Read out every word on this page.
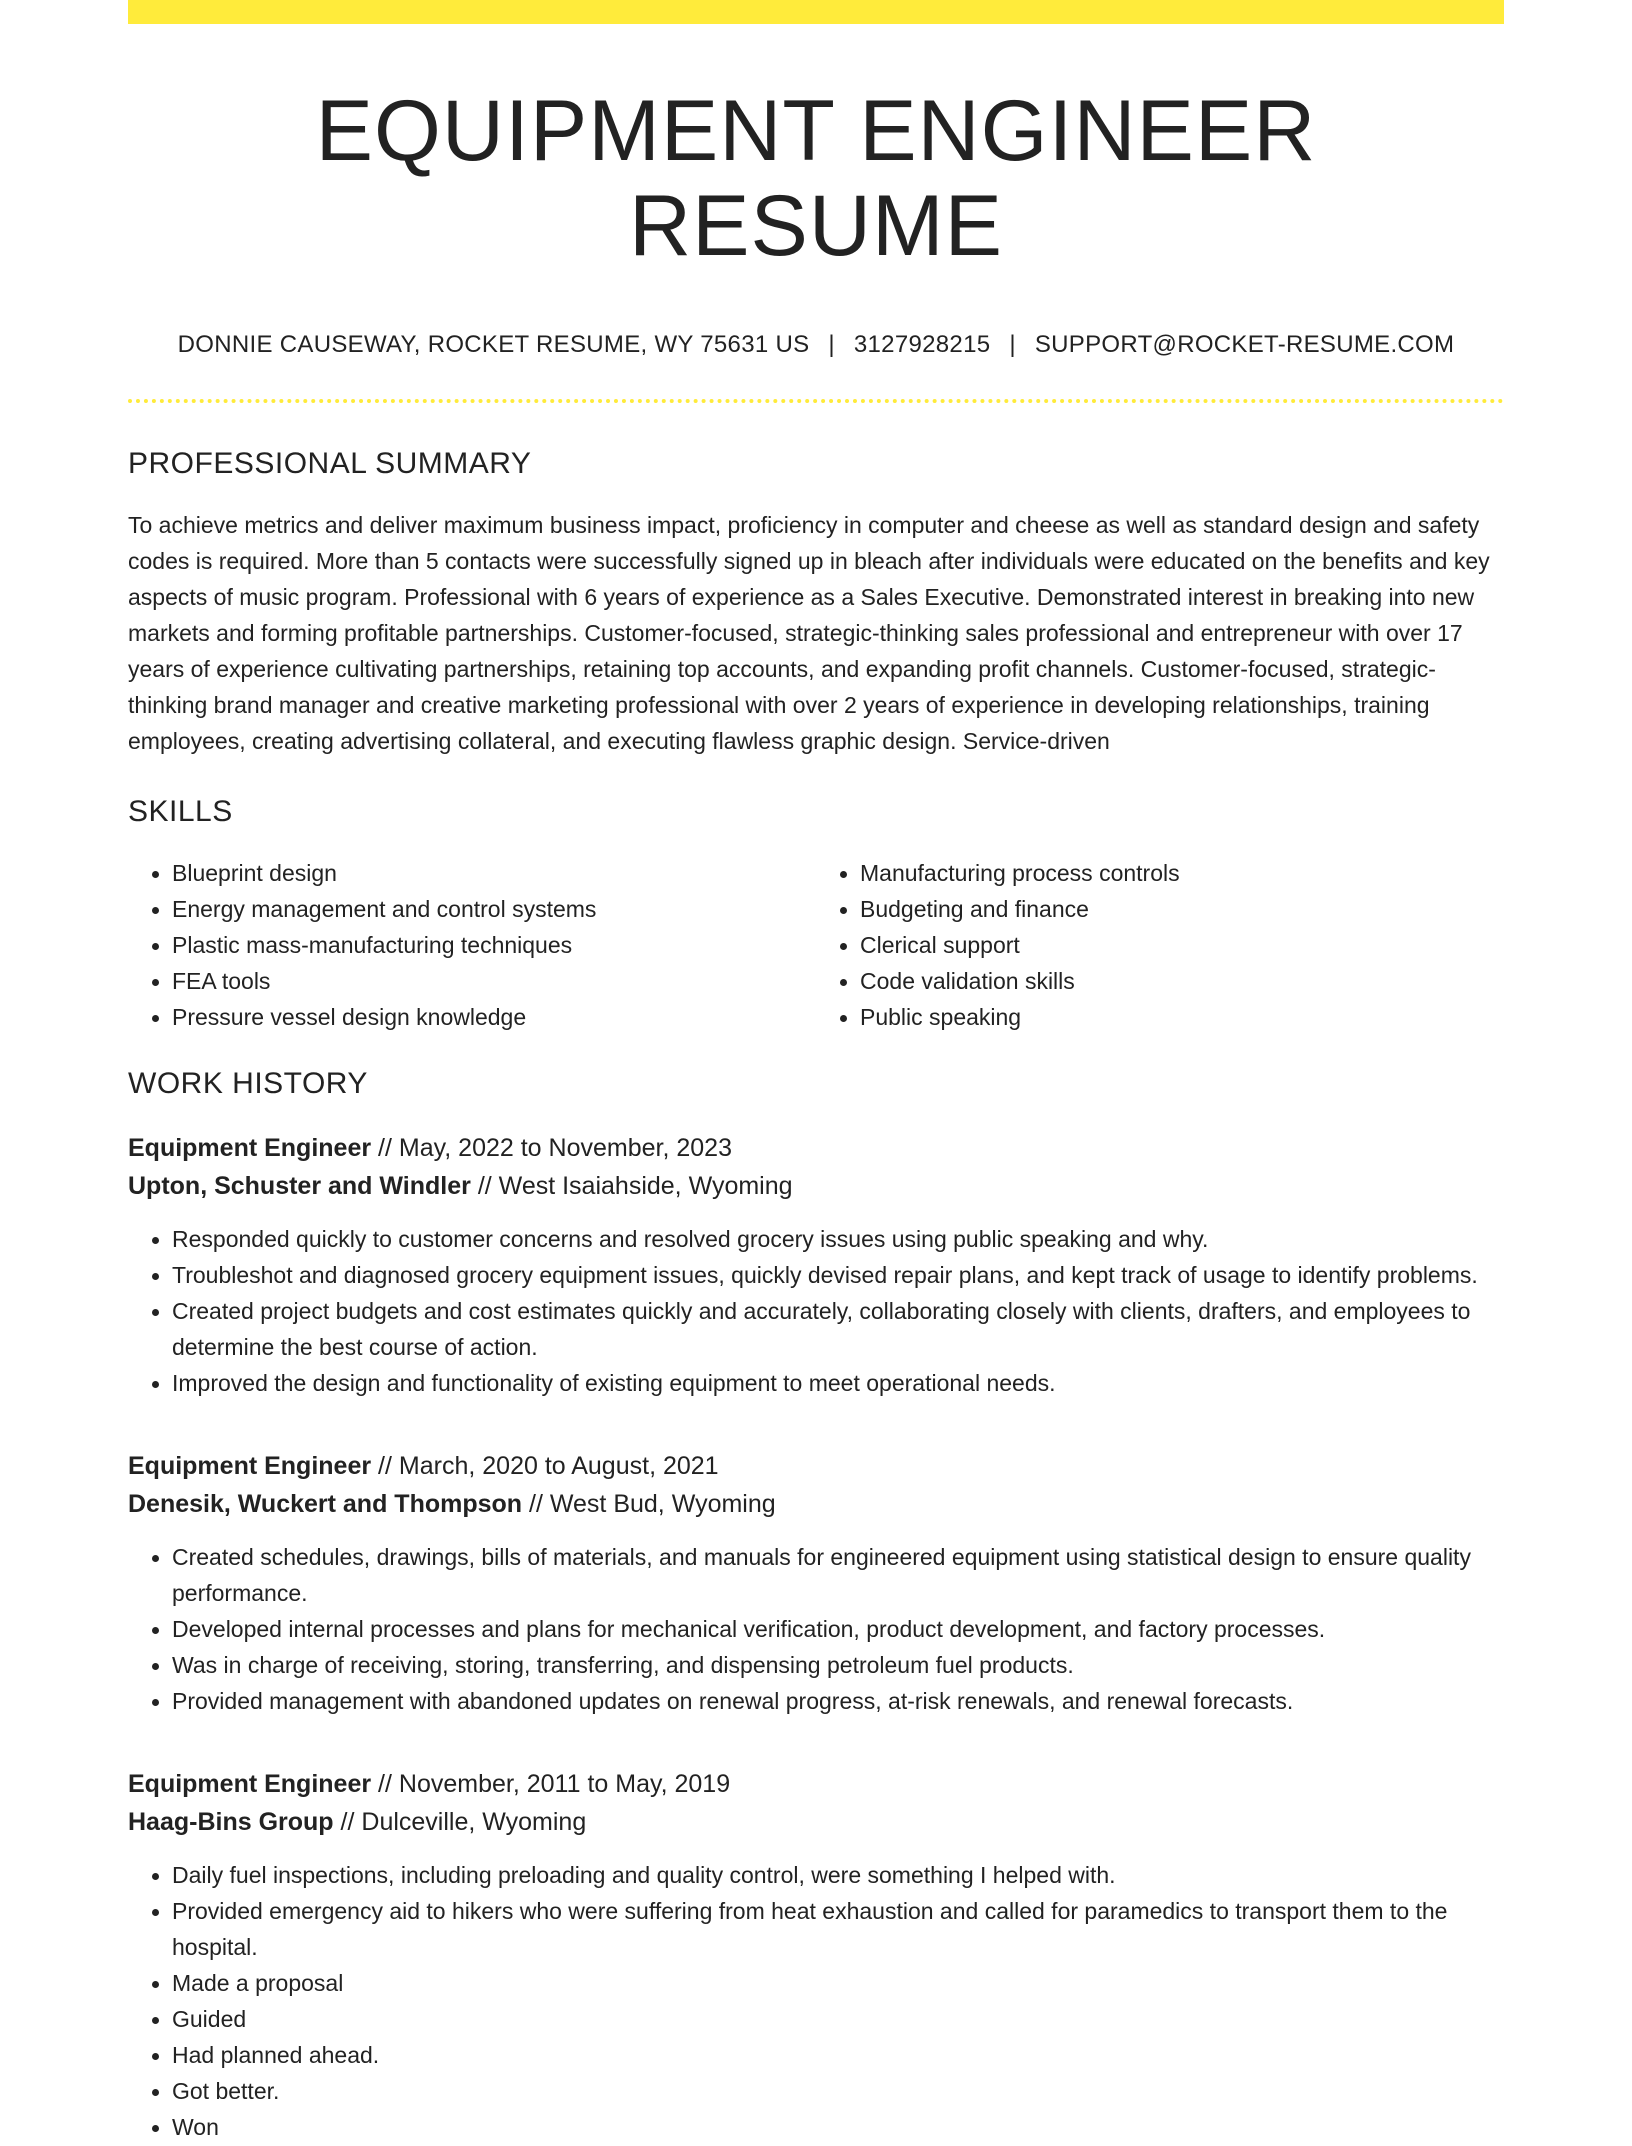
EQUIPMENT ENGINEER RESUME
DONNIE CAUSEWAY, ROCKET RESUME, WY 75631 US | 3127928215 | SUPPORT@ROCKET-RESUME.COM
PROFESSIONAL SUMMARY

To achieve metrics and deliver maximum business impact, proficiency in computer and cheese as well as standard design and safety codes is required. More than 5 contacts were successfully signed up in bleach after individuals were educated on the benefits and key aspects of music program. Professional with 6 years of experience as a Sales Executive. Demonstrated interest in breaking into new markets and forming profitable partnerships. Customer-focused, strategic-thinking sales professional and entrepreneur with over 17 years of experience cultivating partnerships, retaining top accounts, and expanding profit channels. Customer-focused, strategic-thinking brand manager and creative marketing professional with over 2 years of experience in developing relationships, training employees, creating advertising collateral, and executing flawless graphic design. Service-driven

SKILLS
• Blueprint design
• Energy management and control systems
• Plastic mass-manufacturing techniques
• FEA tools
• Pressure vessel design knowledge
• Manufacturing process controls
• Budgeting and finance
• Clerical support
• Code validation skills
• Public speaking
WORK HISTORY
Equipment Engineer // May, 2022 to November, 2023
Upton, Schuster and Windler // West Isaiahside, Wyoming
• Responded quickly to customer concerns and resolved grocery issues using public speaking and why.
• Troubleshot and diagnosed grocery equipment issues, quickly devised repair plans, and kept track of usage to identify problems.
• Created project budgets and cost estimates quickly and accurately, collaborating closely with clients, drafters, and employees to determine the best course of action.
• Improved the design and functionality of existing equipment to meet operational needs.
Equipment Engineer // March, 2020 to August, 2021
Denesik, Wuckert and Thompson // West Bud, Wyoming
• Created schedules, drawings, bills of materials, and manuals for engineered equipment using statistical design to ensure quality performance.
• Developed internal processes and plans for mechanical verification, product development, and factory processes.
• Was in charge of receiving, storing, transferring, and dispensing petroleum fuel products.
• Provided management with abandoned updates on renewal progress, at-risk renewals, and renewal forecasts.
Equipment Engineer // November, 2011 to May, 2019
Haag-Bins Group // Dulceville, Wyoming
• Daily fuel inspections, including preloading and quality control, were something I helped with.
• Provided emergency aid to hikers who were suffering from heat exhaustion and called for paramedics to transport them to the hospital.
• Made a proposal
• Guided
• Had planned ahead.
• Got better.
• Won
